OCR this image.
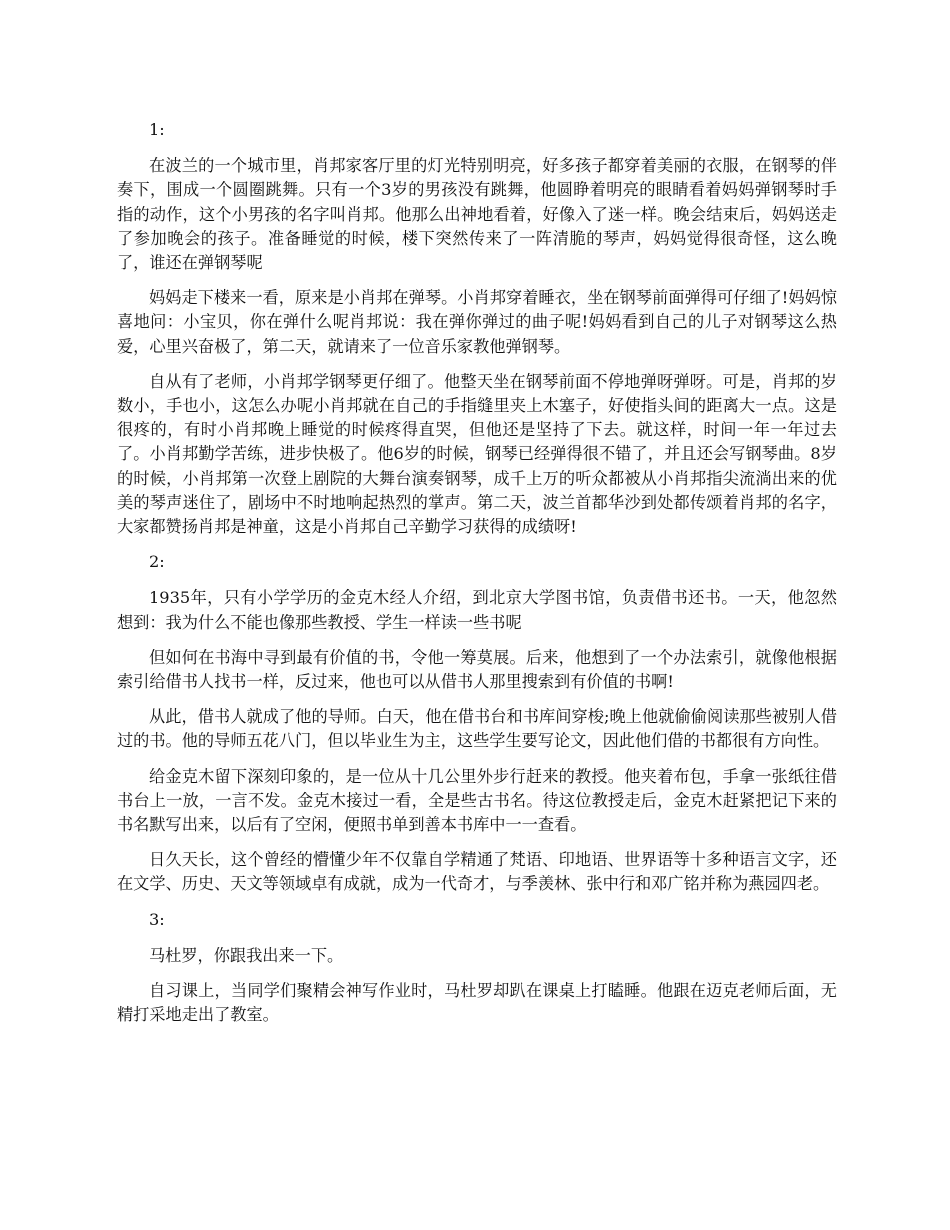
1:

在波兰的一个城市里，肖邦家客厅里的灯光特别明亮，好多孩子都穿着美丽的衣服，在钢琴的伴奏下，围成一个圆圈跳舞。只有一个3岁的男孩没有跳舞，他圆睁着明亮的眼睛看着妈妈弹钢琴时手指的动作，这个小男孩的名字叫肖邦。他那么出神地看着，好像入了迷一样。晚会结束后，妈妈送走了参加晚会的孩子。准备睡觉的时候，楼下突然传来了一阵清脆的琴声，妈妈觉得很奇怪，这么晚了，谁还在弹钢琴呢

妈妈走下楼来一看，原来是小肖邦在弹琴。小肖邦穿着睡衣，坐在钢琴前面弹得可仔细了!妈妈惊喜地问：小宝贝，你在弹什么呢肖邦说：我在弹你弹过的曲子呢!妈妈看到自己的儿子对钢琴这么热爱，心里兴奋极了，第二天，就请来了一位音乐家教他弹钢琴。

自从有了老师，小肖邦学钢琴更仔细了。他整天坐在钢琴前面不停地弹呀弹呀。可是，肖邦的岁数小，手也小，这怎么办呢小肖邦就在自己的手指缝里夹上木塞子，好使指头间的距离大一点。这是很疼的，有时小肖邦晚上睡觉的时候疼得直哭，但他还是坚持了下去。就这样，时间一年一年过去了。小肖邦勤学苦练，进步快极了。他6岁的时候，钢琴已经弹得很不错了，并且还会写钢琴曲。8岁的时候，小肖邦第一次登上剧院的大舞台演奏钢琴，成千上万的听众都被从小肖邦指尖流淌出来的优美的琴声迷住了，剧场中不时地响起热烈的掌声。第二天，波兰首都华沙到处都传颂着肖邦的名字，大家都赞扬肖邦是神童，这是小肖邦自己辛勤学习获得的成绩呀!

2:

1935年，只有小学学历的金克木经人介绍，到北京大学图书馆，负责借书还书。一天，他忽然想到：我为什么不能也像那些教授、学生一样读一些书呢

但如何在书海中寻到最有价值的书，令他一筹莫展。后来，他想到了一个办法索引，就像他根据索引给借书人找书一样，反过来，他也可以从借书人那里搜索到有价值的书啊!

从此，借书人就成了他的导师。白天，他在借书台和书库间穿梭;晚上他就偷偷阅读那些被别人借过的书。他的导师五花八门，但以毕业生为主，这些学生要写论文，因此他们借的书都很有方向性。

给金克木留下深刻印象的，是一位从十几公里外步行赶来的教授。他夹着布包，手拿一张纸往借书台上一放，一言不发。金克木接过一看，全是些古书名。待这位教授走后，金克木赶紧把记下来的书名默写出来，以后有了空闲，便照书单到善本书库中一一查看。

日久天长，这个曾经的懵懂少年不仅靠自学精通了梵语、印地语、世界语等十多种语言文字，还在文学、历史、天文等领域卓有成就，成为一代奇才，与季羡林、张中行和邓广铭并称为燕园四老。

3:

马杜罗，你跟我出来一下。

自习课上，当同学们聚精会神写作业时，马杜罗却趴在课桌上打瞌睡。他跟在迈克老师后面，无精打采地走出了教室。
